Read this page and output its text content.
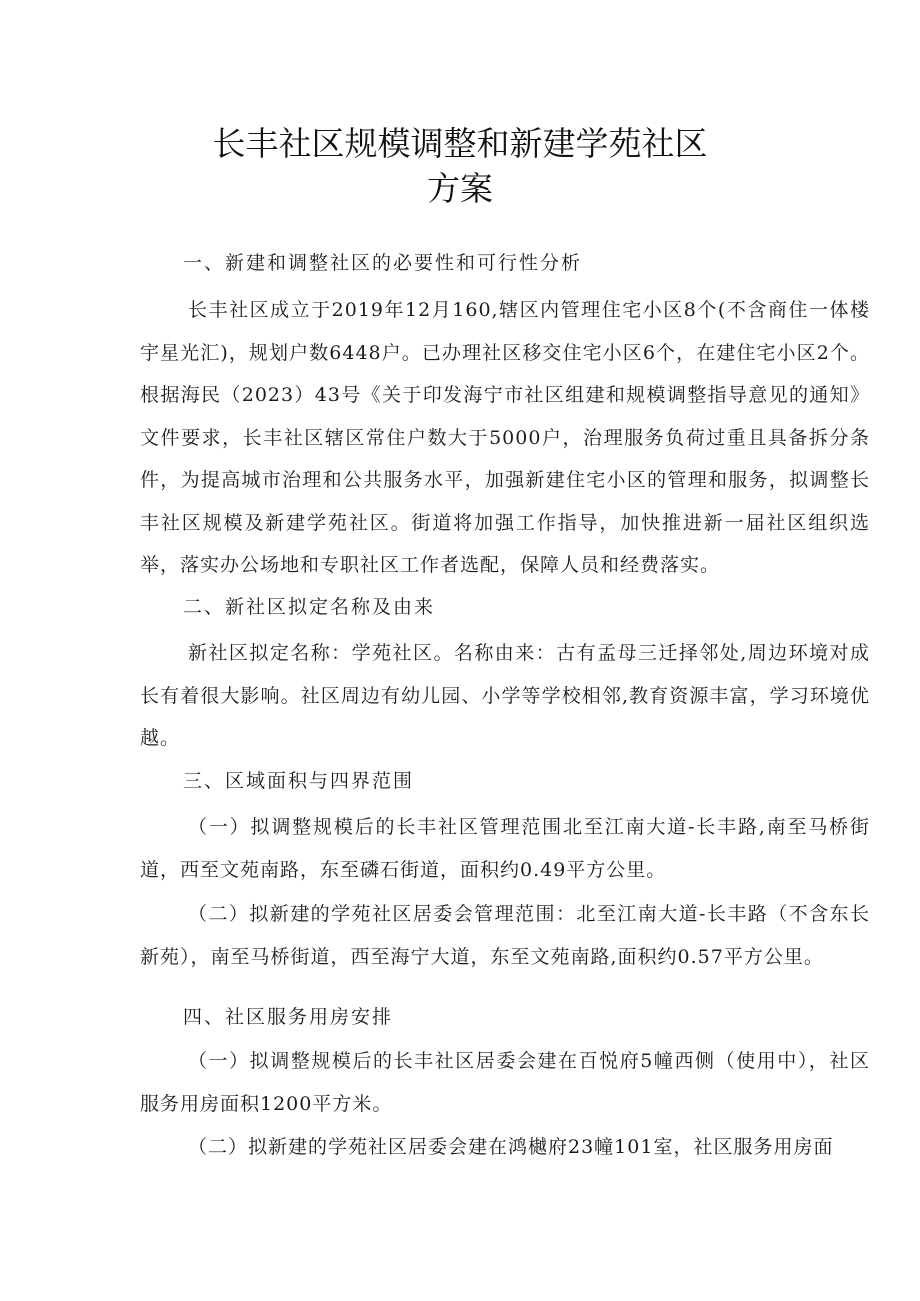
长丰社区规模调整和新建学苑社区
方案
一、新建和调整社区的必要性和可行性分析
长丰社区成立于2019年12月160,辖区内管理住宅小区8个(不含商住一体楼宇星光汇)，规划户数6448户。已办理社区移交住宅小区6个，在建住宅小区2个。根据海民（2023）43号《关于印发海宁市社区组建和规模调整指导意见的通知》文件要求，长丰社区辖区常住户数大于5000户，治理服务负荷过重且具备拆分条件，为提高城市治理和公共服务水平，加强新建住宅小区的管理和服务，拟调整长丰社区规模及新建学苑社区。街道将加强工作指导，加快推进新一届社区组织选举，落实办公场地和专职社区工作者选配，保障人员和经费落实。
二、新社区拟定名称及由来
新社区拟定名称：学苑社区。名称由来：古有孟母三迁择邻处,周边环境对成长有着很大影响。社区周边有幼儿园、小学等学校相邻,教育资源丰富，学习环境优越。
三、区域面积与四界范围
（一）拟调整规模后的长丰社区管理范围北至江南大道-长丰路,南至马桥街道，西至文苑南路，东至磷石街道，面积约0.49平方公里。
（二）拟新建的学苑社区居委会管理范围：北至江南大道-长丰路（不含东长新苑），南至马桥街道，西至海宁大道，东至文苑南路,面积约0.57平方公里。
四、社区服务用房安排
（一）拟调整规模后的长丰社区居委会建在百悦府5幢西侧（使用中），社区服务用房面积1200平方米。
（二）拟新建的学苑社区居委会建在鸿樾府23幢101室，社区服务用房面
